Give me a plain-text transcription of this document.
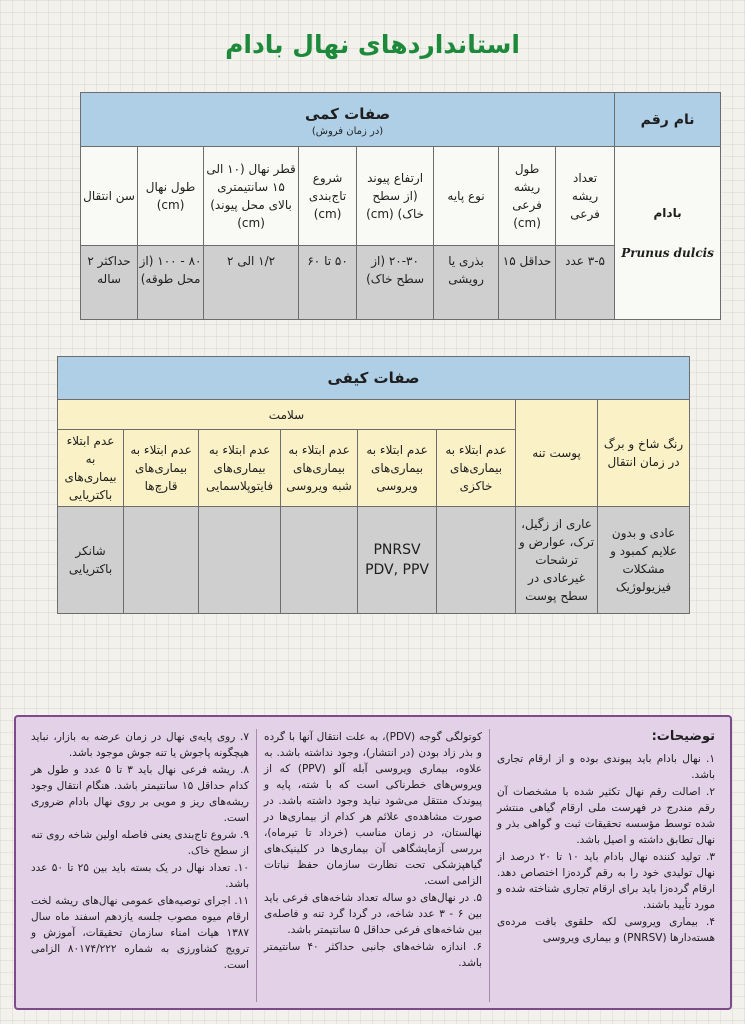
استانداردهای نهال بادام
نام رقم	صفات کمی
(در زمان فروش)							

بادام
Prunus dulcis	تعداد ریشه فرعی	طول ریشه فرعی (cm)	نوع پایه	ارتفاع پیوند (از سطح خاک) (cm)	شروع تاج‌بندی (cm)	قطر نهال (۱۰ الی ۱۵ سانتیمتری بالای محل پیوند) (cm)	طول نهال (cm)	سن انتقال
	۳-۵ عدد	حداقل ۱۵	بذری یا رویشی	۲۰-۳۰ (از سطح خاک)	۵۰ تا ۶۰	۱/۲ الی ۲	۸۰ - ۱۰۰ (از محل طوقه)	حداکثر ۲ ساله
صفات کیفی							
رنگ شاخ و برگ در زمان انتقال	پوست تنه	سلامت					
		عدم ابتلاء به بیماری‌های خاکزی	عدم ابتلاء به بیماری‌های ویروسی	عدم ابتلاء به بیماری‌های شبه ویروسی	عدم ابتلاء به بیماری‌های فایتوپلاسمایی	عدم ابتلاء به بیماری‌های قارچ‌ها	عدم ابتلاء به بیماری‌های باکتریایی
عادی و بدون علایم کمبود و مشکلات فیزیولوژیک	عاری از زگیل، ترک، عوارض و ترشحات غیرعادی در سطح پوست		PNRSV PDV, PPV				شانکر باکتریایی
توضیحات:

۱. نهال بادام باید پیوندی بوده و از ارقام تجاری باشد.

۲. اصالت رقم نهال تکثیر شده با مشخصات آن رقم مندرج در فهرست ملی ارقام گیاهی منتشر شده توسط مؤسسه تحقیقات ثبت و گواهی بذر و نهال تطابق داشته و اصیل باشد.

۳. تولید کننده نهال بادام باید ۱۰ تا ۲۰ درصد از نهال تولیدی خود را به رقم گرده‌زا اختصاص دهد. ارقام گرده‌زا باید برای ارقام تجاری شناخته شده و مورد تأیید باشند.

۴. بیماری ویروسی لکه حلقوی بافت مرده‌ی هسته‌دارها (PNRSV) و بیماری ویروسی

کوتولگی گوجه (PDV)، به علت انتقال آنها با گرده و بذر زاد بودن (در انتشار)، وجود نداشته باشد. به علاوه، بیماری ویروسی آبله آلو (PPV) که از ویروس‌های خطرناکی است که با شته، پایه و پیوندک منتقل می‌شود نباید وجود داشته باشد. در صورت مشاهده‌ی علائم هر کدام از بیماری‌ها در نهالستان، در زمان مناسب (خرداد تا تیرماه)، بررسی آزمایشگاهی آن بیماری‌ها در کلینیک‌های گیاهپزشکی تحت نظارت سازمان حفظ نباتات الزامی است.

۵. در نهال‌های دو ساله تعداد شاخه‌های فرعی باید بین ۶ - ۳ عدد شاخه، در گردا گرد تنه و فاصله‌ی بین شاخه‌های فرعی حداقل ۵ سانتیمتر باشد.

۶. اندازه شاخه‌های جانبی حداکثر ۴۰ سانتیمتر باشد.

۷. روی پایه‌ی نهال در زمان عرضه به بازار، نباید هیچگونه پاجوش یا تنه جوش موجود باشد.

۸. ریشه فرعی نهال باید ۳ تا ۵ عدد و طول هر کدام حداقل ۱۵ سانتیمتر باشد. هنگام انتقال وجود ریشه‌های ریز و مویی بر روی نهال بادام ضروری است.

۹. شروع تاج‌بندی یعنی فاصله اولین شاخه روی تنه از سطح خاک.

۱۰. تعداد نهال در یک بسته باید بین ۲۵ تا ۵۰ عدد باشد.

۱۱. اجرای توصیه‌های عمومی نهال‌های ریشه لخت ارقام میوه مصوب جلسه یازدهم اسفند ماه سال ۱۳۸۷ هیات امناء سازمان تحقیقات، آموزش و ترویج کشاورزی به شماره ۸۰۱۷۴/۲۲۲ الزامی است.
